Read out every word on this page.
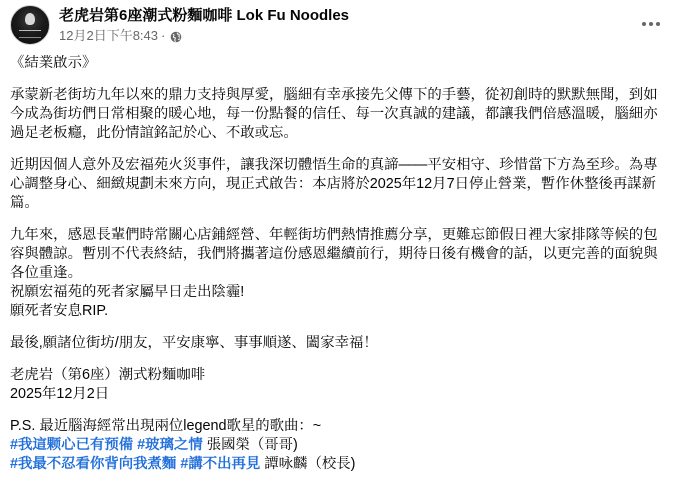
老虎岩第6座潮式粉麵咖啡 Lok Fu Noodles
12月2日下午8:43 ·

《結業啟示》

承蒙新老街坊九年以來的鼎力支持與厚愛，腦細有幸承接先父傳下的手藝，從初創時的默默無聞，到如今成為街坊們日常相聚的暖心地，每一份點餐的信任、每一次真誠的建議，都讓我們倍感溫暖，腦細亦過足老板癮，此份情誼銘記於心、不敢或忘。

近期因個人意外及宏福苑火災事件，讓我深切體悟生命的真諦——平安相守、珍惜當下方為至珍。為專心調整身心、細緻規劃未來方向，現正式啟告：本店將於2025年12月7日停止營業，暫作休整後再謀新篇。

九年來，感恩長輩們時常關心店鋪經營、年輕街坊們熱情推薦分享，更難忘節假日裡大家排隊等候的包容與體諒。暫別不代表終結，我們將攜著這份感恩繼續前行，期待日後有機會的話，以更完善的面貌與各位重逢。
祝願宏福苑的死者家屬早日走出陰霾!
願死者安息RIP.

最後,願諸位街坊/朋友，平安康寧、事事順遂、闔家幸福！

老虎岩（第6座）潮式粉麵咖啡
2025年12月2日

P.S. 最近腦海經常出現兩位legend歌星的歌曲：~
#我這颗心已有预備 #玻璃之情 張國榮（哥哥)
#我最不忍看你背向我煮麵 #講不出再見 譚咏麟（校長)
